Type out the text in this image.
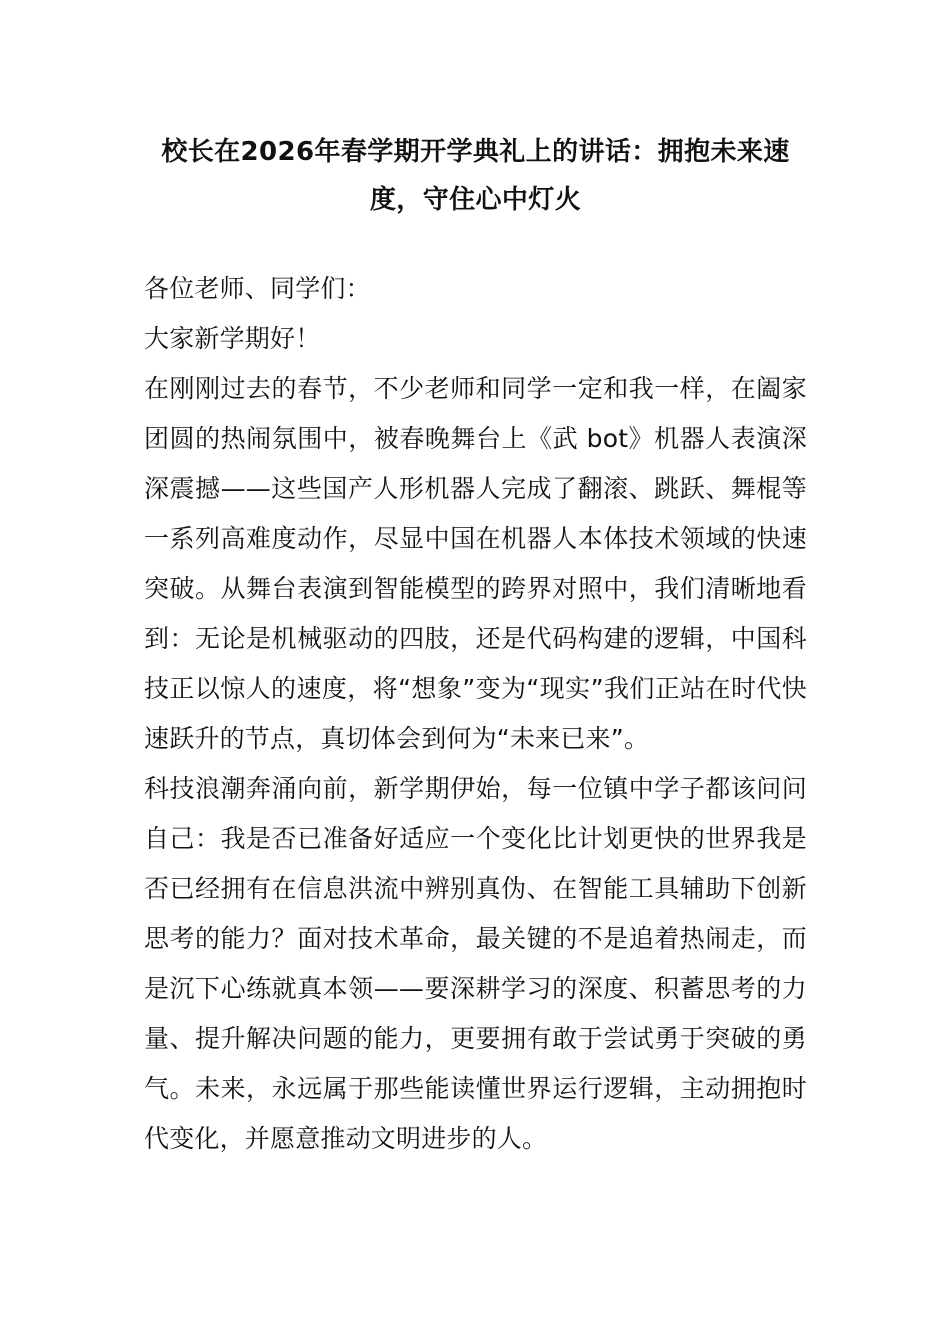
校长在2026年春学期开学典礼上的讲话：拥抱未来速度，守住心中灯火

各位老师、同学们：

大家新学期好！

在刚刚过去的春节，不少老师和同学一定和我一样，在阖家团圆的热闹氛围中，被春晚舞台上《武 bot》机器人表演深深震撼——这些国产人形机器人完成了翻滚、跳跃、舞棍等一系列高难度动作，尽显中国在机器人本体技术领域的快速突破。从舞台表演到智能模型的跨界对照中，我们清晰地看到：无论是机械驱动的四肢，还是代码构建的逻辑，中国科技正以惊人的速度，将“想象”变为“现实”我们正站在时代快速跃升的节点，真切体会到何为“未来已来”。

科技浪潮奔涌向前，新学期伊始，每一位镇中学子都该问问自己：我是否已准备好适应一个变化比计划更快的世界我是否已经拥有在信息洪流中辨别真伪、在智能工具辅助下创新思考的能力？面对技术革命，最关键的不是追着热闹走，而是沉下心练就真本领——要深耕学习的深度、积蓄思考的力量、提升解决问题的能力，更要拥有敢于尝试勇于突破的勇气。未来，永远属于那些能读懂世界运行逻辑，主动拥抱时代变化，并愿意推动文明进步的人。
